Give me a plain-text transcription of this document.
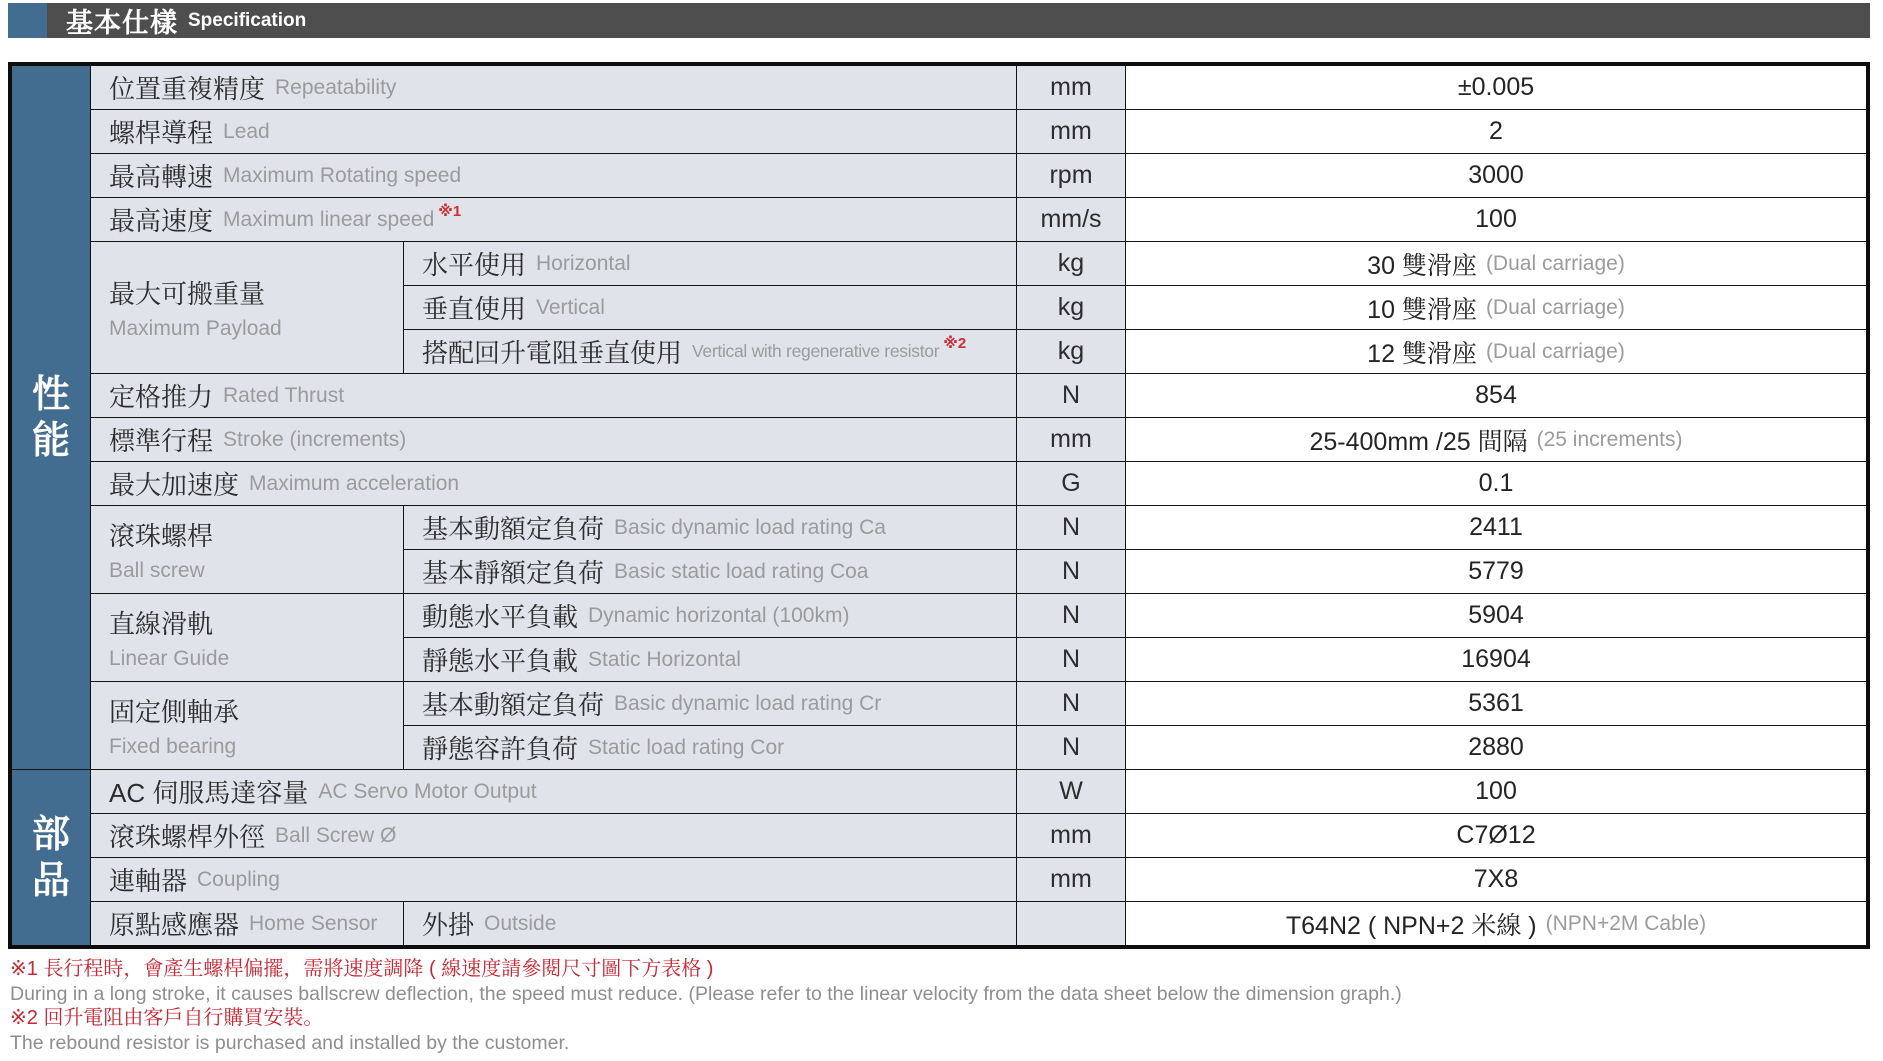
基本仕樣 Specification
性
能
部
品
位置重複精度 Repeatability
螺桿導程 Lead
最高轉速 Maximum Rotating speed
最高速度 Maximum linear speed ※1
最大可搬重量
Maximum Payload
水平使用 Horizontal
垂直使用 Vertical
搭配回升電阻垂直使用 Vertical with regenerative resistor ※2
定格推力 Rated Thrust
標準行程 Stroke (increments)
最大加速度 Maximum acceleration
滾珠螺桿
Ball screw
基本動額定負荷 Basic dynamic load rating Ca
基本靜額定負荷 Basic static load rating Coa
直線滑軌
Linear Guide
動態水平負載 Dynamic horizontal (100km)
靜態水平負載 Static Horizontal
固定側軸承
Fixed bearing
基本動額定負荷 Basic dynamic load rating Cr
靜態容許負荷 Static load rating Cor
AC 伺服馬達容量 AC Servo Motor Output
滾珠螺桿外徑 Ball Screw Ø
連軸器 Coupling
原點感應器 Home Sensor 外掛 Outside
mm
mm
rpm
mm/s
kg
kg
kg
N
mm
G
N
N
N
N
N
N
W
mm
mm
±0.005
2
3000
100
30 雙滑座 (Dual carriage)
10 雙滑座 (Dual carriage)
12 雙滑座 (Dual carriage)
854
25-400mm /25 間隔 (25 increments)
0.1
2411
5779
5904
16904
5361
2880
100
C7Ø12
7X8
T64N2 ( NPN+2 米線 ) (NPN+2M Cable)

※1 長行程時，會產生螺桿偏擺，需將速度調降 ( 線速度請參閱尺寸圖下方表格 )

During in a long stroke, it causes ballscrew deflection, the speed must reduce. (Please refer to the linear velocity from the data sheet below the dimension graph.)

※2 回升電阻由客戶自行購買安裝。

The rebound resistor is purchased and installed by the customer.
